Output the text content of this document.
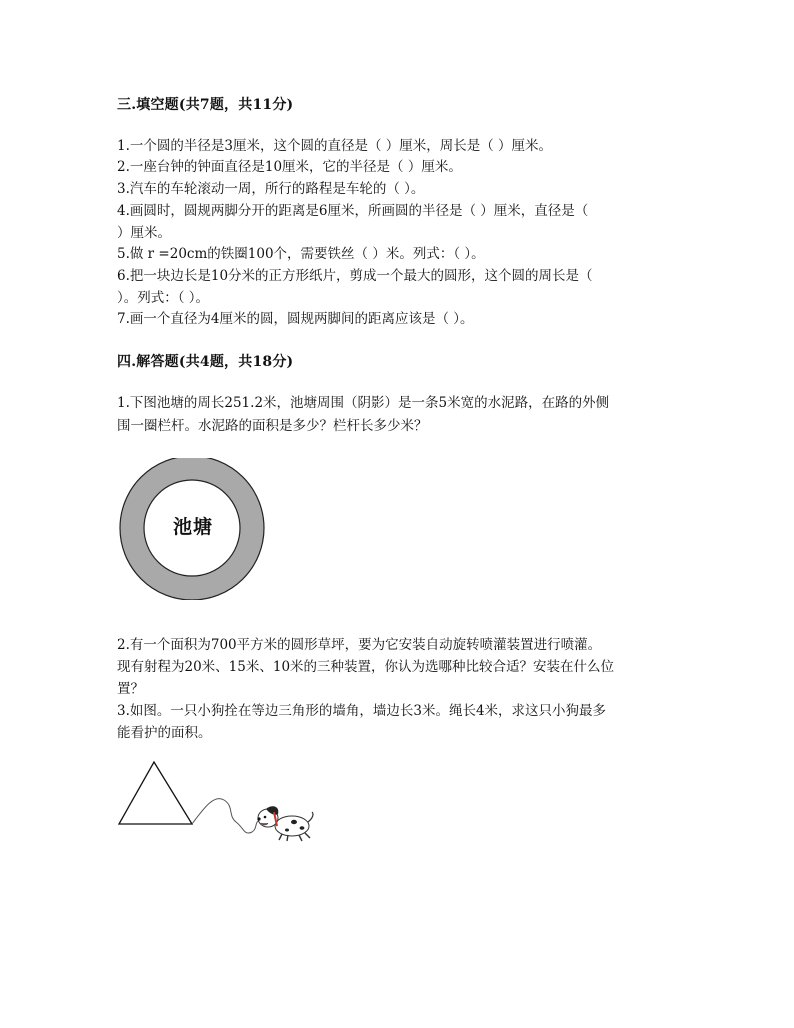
三.填空题(共7题，共11分)
1.一个圆的半径是3厘米，这个圆的直径是（ ）厘米，周长是（ ）厘米。
2.一座台钟的钟面直径是10厘米，它的半径是（ ）厘米。
3.汽车的车轮滚动一周，所行的路程是车轮的（ ）。
4.画圆时，圆规两脚分开的距离是6厘米，所画圆的半径是（ ）厘米，直径是（
）厘米。
5.做 r =20cm的铁圈100个，需要铁丝（ ）米。列式：（ ）。
6.把一块边长是10分米的正方形纸片，剪成一个最大的圆形，这个圆的周长是（
）。列式：（ ）。
7.画一个直径为4厘米的圆，圆规两脚间的距离应该是（ ）。
四.解答题(共4题，共18分)
1.下图池塘的周长251.2米，池塘周围（阴影）是一条5米宽的水泥路，在路的外侧
围一圈栏杆。水泥路的面积是多少？栏杆长多少米？
池塘
2.有一个面积为700平方米的圆形草坪，要为它安装自动旋转喷灌装置进行喷灌。
现有射程为20米、15米、10米的三种装置，你认为选哪种比较合适？安装在什么位
置？
3.如图。一只小狗拴在等边三角形的墙角，墙边长3米。绳长4米，求这只小狗最多
能看护的面积。
